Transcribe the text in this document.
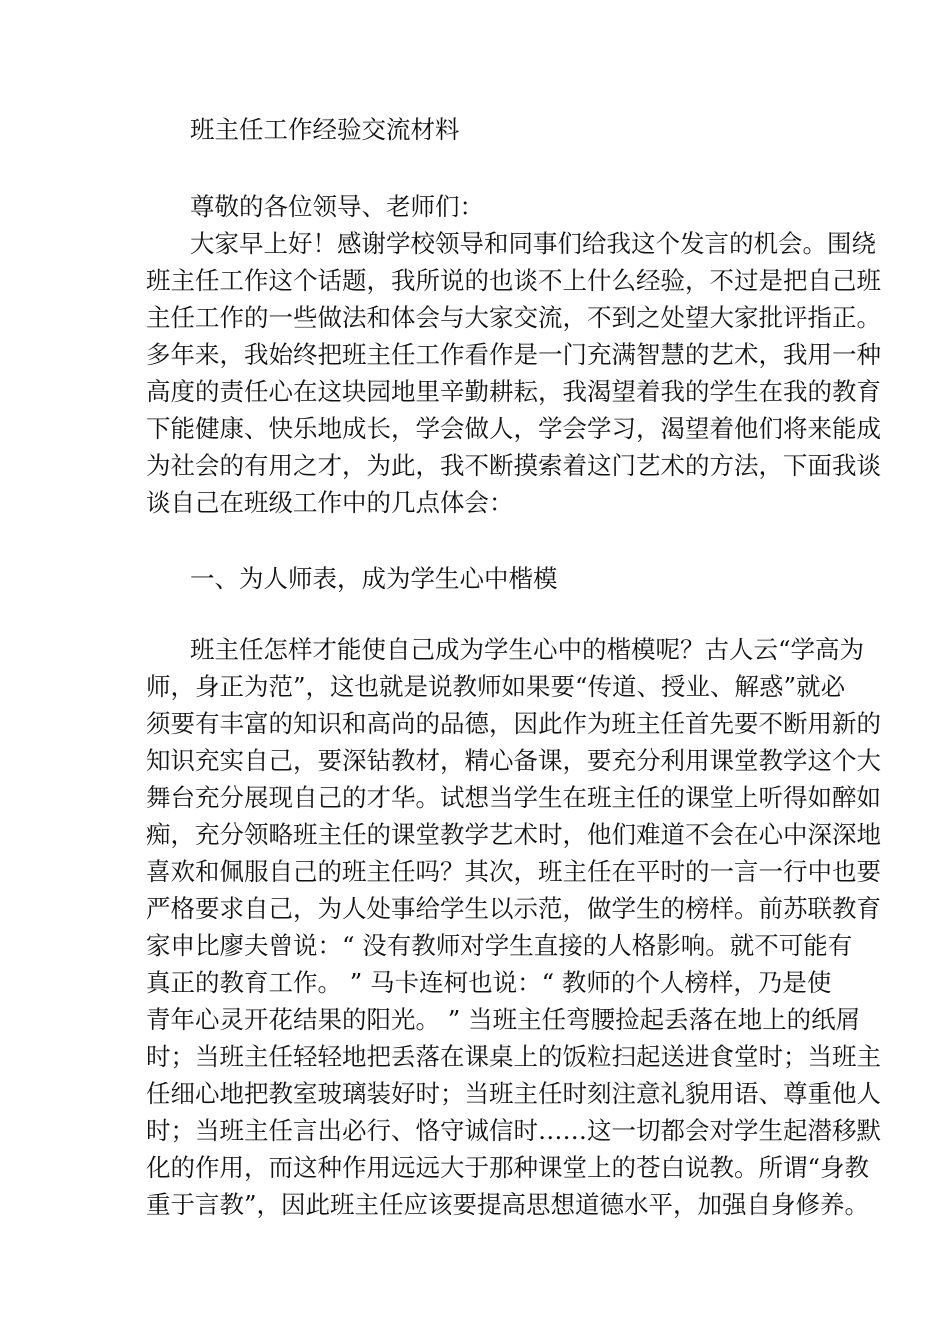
班主任工作经验交流材料
尊敬的各位领导、老师们：
大家早上好！感谢学校领导和同事们给我这个发言的机会。围绕
班主任工作这个话题，我所说的也谈不上什么经验，不过是把自己班
主任工作的一些做法和体会与大家交流，不到之处望大家批评指正。
多年来，我始终把班主任工作看作是一门充满智慧的艺术，我用一种
高度的责任心在这块园地里辛勤耕耘，我渴望着我的学生在我的教育
下能健康、快乐地成长，学会做人，学会学习，渴望着他们将来能成
为社会的有用之才，为此，我不断摸索着这门艺术的方法，下面我谈
谈自己在班级工作中的几点体会：
一、为人师表，成为学生心中楷模
班主任怎样才能使自己成为学生心中的楷模呢？古人云“学高为
师，身正为范”，这也就是说教师如果要“传道、授业、解惑”就必
须要有丰富的知识和高尚的品德，因此作为班主任首先要不断用新的
知识充实自己，要深钻教材，精心备课，要充分利用课堂教学这个大
舞台充分展现自己的才华。试想当学生在班主任的课堂上听得如醉如
痴，充分领略班主任的课堂教学艺术时，他们难道不会在心中深深地
喜欢和佩服自己的班主任吗？其次，班主任在平时的一言一行中也要
严格要求自己，为人处事给学生以示范，做学生的榜样。前苏联教育
家申比廖夫曾说：“ 没有教师对学生直接的人格影响。就不可能有
真正的教育工作。 ” 马卡连柯也说：“ 教师的个人榜样，乃是使
青年心灵开花结果的阳光。 ” 当班主任弯腰捡起丢落在地上的纸屑
时；当班主任轻轻地把丢落在课桌上的饭粒扫起送进食堂时；当班主
任细心地把教室玻璃装好时；当班主任时刻注意礼貌用语、尊重他人
时；当班主任言出必行、恪守诚信时……这一切都会对学生起潜移默
化的作用，而这种作用远远大于那种课堂上的苍白说教。所谓“身教
重于言教”，因此班主任应该要提高思想道德水平，加强自身修养。
